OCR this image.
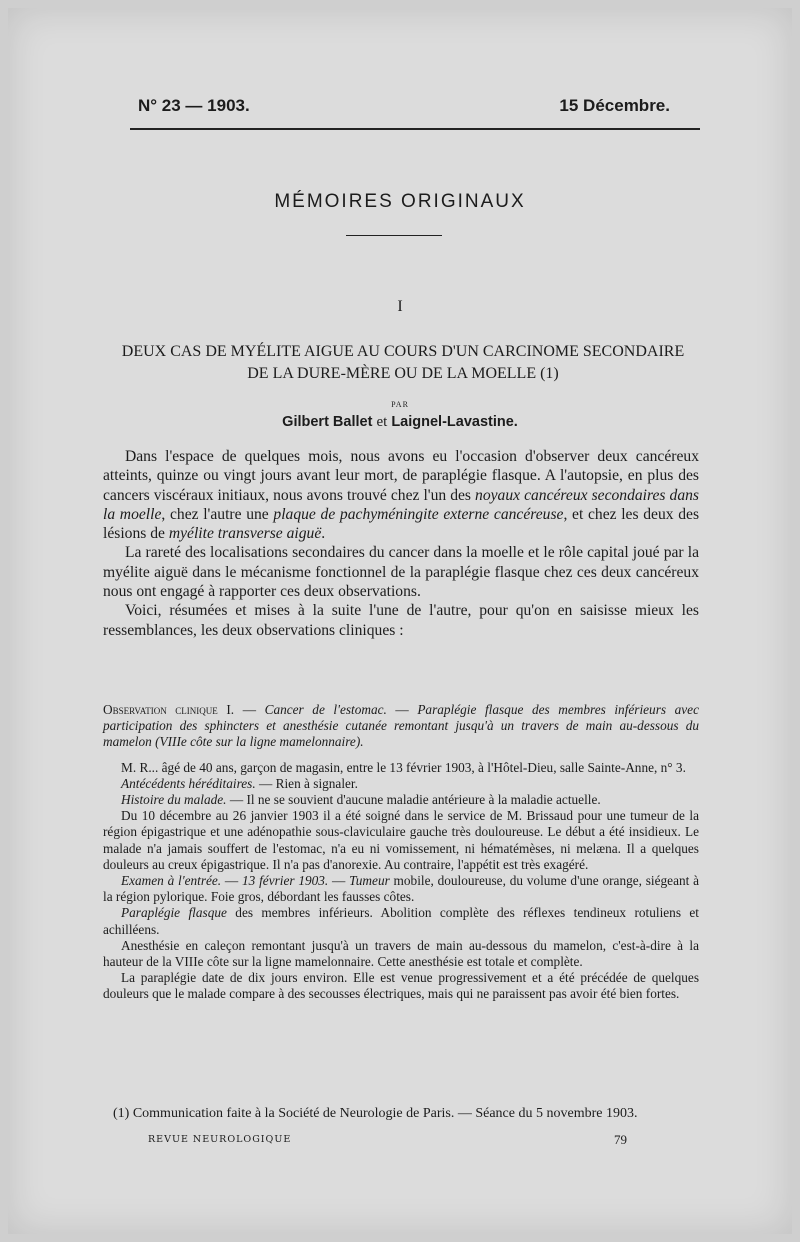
N° 23 — 1903.	15 Décembre.
MÉMOIRES ORIGINAUX
I
DEUX CAS DE MYÉLITE AIGUE AU COURS D'UN CARCINOME SECONDAIRE
DE LA DURE-MÈRE OU DE LA MOELLE (1)
PAR
Gilbert Ballet et Laignel-Lavastine.

Dans l'espace de quelques mois, nous avons eu l'occasion d'observer deux cancéreux atteints, quinze ou vingt jours avant leur mort, de paraplégie flasque. A l'autopsie, en plus des cancers viscéraux initiaux, nous avons trouvé chez l'un des noyaux cancéreux secondaires dans la moelle, chez l'autre une plaque de pachyméningite externe cancéreuse, et chez les deux des lésions de myélite transverse aiguë.

La rareté des localisations secondaires du cancer dans la moelle et le rôle capital joué par la myélite aiguë dans le mécanisme fonctionnel de la paraplégie flasque chez ces deux cancéreux nous ont engagé à rapporter ces deux observations.

Voici, résumées et mises à la suite l'une de l'autre, pour qu'on en saisisse mieux les ressemblances, les deux observations cliniques :

Observation clinique I. — Cancer de l'estomac. — Paraplégie flasque des membres inférieurs avec participation des sphincters et anesthésie cutanée remontant jusqu'à un travers de main au-dessous du mamelon (VIIIe côte sur la ligne mamelonnaire).

M. R... âgé de 40 ans, garçon de magasin, entre le 13 février 1903, à l'Hôtel-Dieu, salle Sainte-Anne, n° 3.

Antécédents héréditaires. — Rien à signaler.

Histoire du malade. — Il ne se souvient d'aucune maladie antérieure à la maladie actuelle.

Du 10 décembre au 26 janvier 1903 il a été soigné dans le service de M. Brissaud pour une tumeur de la région épigastrique et une adénopathie sous-claviculaire gauche très douloureuse. Le début a été insidieux. Le malade n'a jamais souffert de l'estomac, n'a eu ni vomissement, ni hématémèses, ni melæna. Il a quelques douleurs au creux épigastrique. Il n'a pas d'anorexie. Au contraire, l'appétit est très exagéré.

Examen à l'entrée. — 13 février 1903. — Tumeur mobile, douloureuse, du volume d'une orange, siégeant à la région pylorique. Foie gros, débordant les fausses côtes.

Paraplégie flasque des membres inférieurs. Abolition complète des réflexes tendineux rotuliens et achilléens.

Anesthésie en caleçon remontant jusqu'à un travers de main au-dessous du mamelon, c'est-à-dire à la hauteur de la VIIIe côte sur la ligne mamelonnaire. Cette anesthésie est totale et complète.

La paraplégie date de dix jours environ. Elle est venue progressivement et a été précédée de quelques douleurs que le malade compare à des secousses électriques, mais qui ne paraissent pas avoir été bien fortes.

(1) Communication faite à la Société de Neurologie de Paris. — Séance du 5 novembre 1903.
REVUE NEUROLOGIQUE	79
